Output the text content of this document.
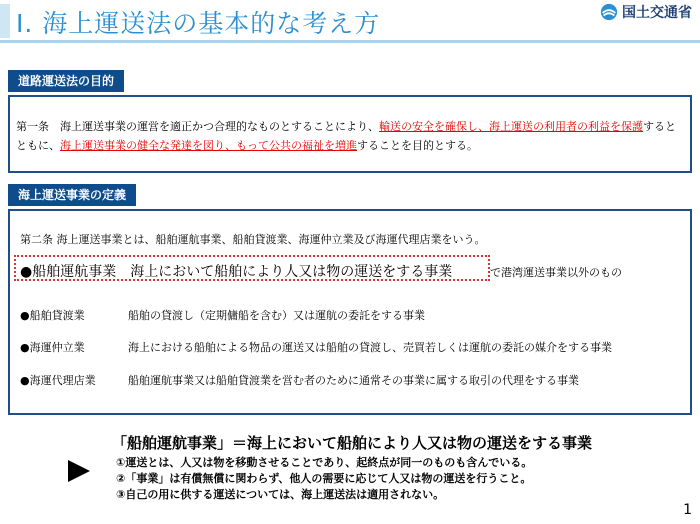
Ⅰ. 海上運送法の基本的な考え方	国土交通省
道路運送法の目的
第一条　海上運送事業の運営を適正かつ合理的なものとすることにより、輸送の安全を確保し、海上運送の利用者の利益を保護するとともに、海上運送事業の健全な発達を図り、もって公共の福祉を増進することを目的とする。
海上運送事業の定義
第二条 海上運送事業とは、船舶運航事業、船舶貸渡業、海運仲立業及び海運代理店業をいう。
●船舶運航事業　海上において船舶により人又は物の運送をする事業	で港湾運送事業以外のもの
●船舶貸渡業	船舶の貸渡し（定期傭船を含む）又は運航の委託をする事業
●海運仲立業	海上における船舶による物品の運送又は船舶の貸渡し、売買若しくは運航の委託の媒介をする事業
●海運代理店業	船舶運航事業又は船舶貸渡業を営む者のために通常その事業に属する取引の代理をする事業
「船舶運航事業」＝海上において船舶により人又は物の運送をする事業
①運送とは、人又は物を移動させることであり、起終点が同一のものも含んでいる。
②「事業」は有償無償に関わらず、他人の需要に応じて人又は物の運送を行うこと。
③自己の用に供する運送については、海上運送法は適用されない。
1
